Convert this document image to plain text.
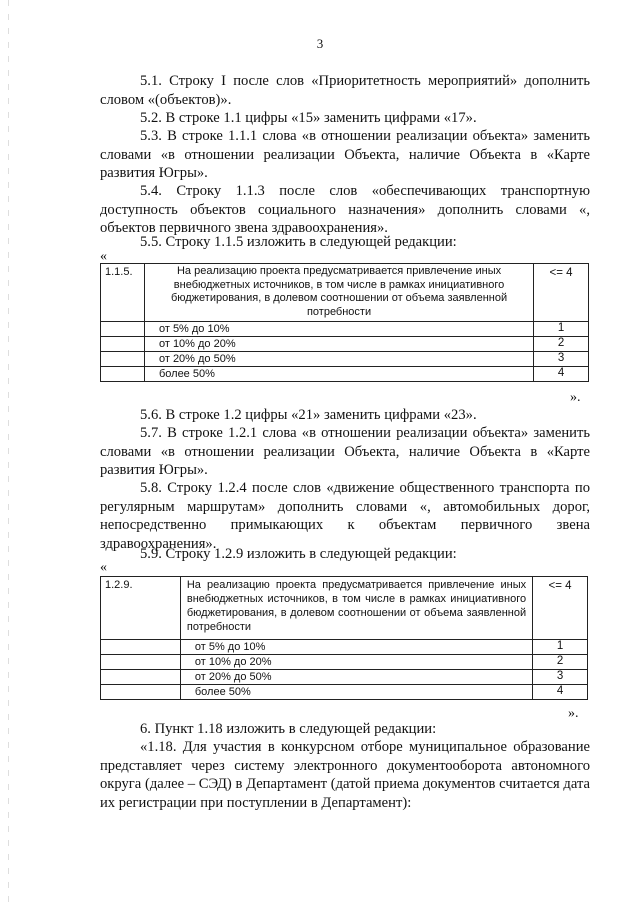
3

5.1. Строку I после слов «Приоритетность мероприятий» дополнить словом «(объектов)».

5.2. В строке 1.1 цифры «15» заменить цифрами «17».

5.3. В строке 1.1.1 слова «в отношении реализации объекта» заменить словами «в отношении реализации Объекта, наличие Объекта в «Карте развития Югры».

5.4. Строку 1.1.3 после слов «обеспечивающих транспортную доступность объектов социального назначения» дополнить словами «, объектов первичного звена здравоохранения».

5.5. Строку 1.1.5 изложить в следующей редакции:

«
1.1.5.	На реализацию проекта предусматривается привлечение иных внебюджетных источников, в том числе в рамках инициативного бюджетирования, в долевом соотношении от объема заявленной потребности	<= 4
	от 5% до 10%	1
	от 10% до 20%	2
	от 20% до 50%	3
	более 50%	4
».

5.6. В строке 1.2 цифры «21» заменить цифрами «23».

5.7. В строке 1.2.1 слова «в отношении реализации объекта» заменить словами «в отношении реализации Объекта, наличие Объекта в «Карте развития Югры».

5.8. Строку 1.2.4 после слов «движение общественного транспорта по регулярным маршрутам» дополнить словами «, автомобильных дорог, непосредственно примыкающих к объектам первичного звена здравоохранения».

5.9. Строку 1.2.9 изложить в следующей редакции:

«
1.2.9.	На реализацию проекта предусматривается привлечение иных внебюджетных источников, в том числе в рамках инициативного бюджетирования, в долевом соотношении от объема заявленной потребности	<= 4
	от 5% до 10%	1
	от 10% до 20%	2
	от 20% до 50%	3
	более 50%	4
».

6. Пункт 1.18 изложить в следующей редакции:

«1.18. Для участия в конкурсном отборе муниципальное образование представляет через систему электронного документооборота автономного округа (далее – СЭД) в Департамент (датой приема документов считается дата их регистрации при поступлении в Департамент):
